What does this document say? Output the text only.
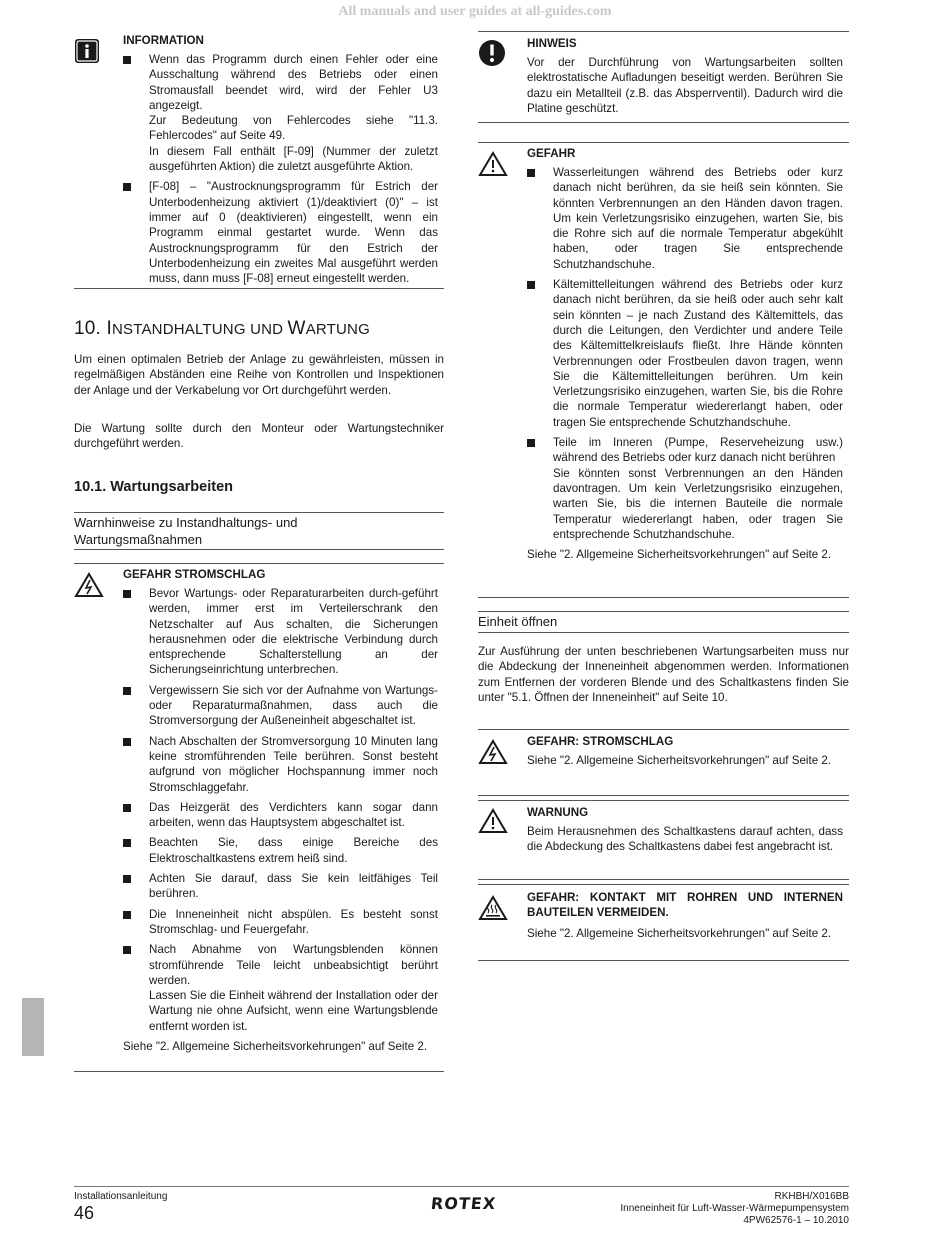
All manuals and user guides at all-guides.com
INFORMATION

Wenn das Programm durch einen Fehler oder eine Ausschaltung während des Betriebs oder einen Stromausfall beendet wird, wird der Fehler U3 angezeigt.

Zur Bedeutung von Fehlercodes siehe "11.3. Fehlercodes" auf Seite 49.

In diesem Fall enthält [F-09] (Nummer der zuletzt ausgeführten Aktion) die zuletzt ausgeführte Aktion.

[F-08] – "Austrocknungsprogramm für Estrich der Unterbodenheizung aktiviert (1)/deaktiviert (0)" – ist immer auf 0 (deaktivieren) eingestellt, wenn ein Programm einmal gestartet wurde. Wenn das Austrocknungsprogramm für den Estrich der Unterbodenheizung ein zweites Mal ausgeführt werden muss, dann muss [F-08] erneut eingestellt werden.

10. INSTANDHALTUNG UND WARTUNG
Um einen optimalen Betrieb der Anlage zu gewährleisten, müssen in regelmäßigen Abständen eine Reihe von Kontrollen und Inspektionen der Anlage und der Verkabelung vor Ort durchgeführt werden.
Die Wartung sollte durch den Monteur oder Wartungstechniker durchgeführt werden.
10.1. Wartungsarbeiten
Warnhinweise zu Instandhaltungs- und Wartungsmaßnahmen
GEFAHR STROMSCHLAG

Bevor Wartungs- oder Reparaturarbeiten durch-geführt werden, immer erst im Verteilerschrank den Netzschalter auf Aus schalten, die Sicherungen herausnehmen oder die elektrische Verbindung durch entsprechende Schalterstellung an der Sicherungseinrichtung unterbrechen.

Vergewissern Sie sich vor der Aufnahme von Wartungs- oder Reparaturmaßnahmen, dass auch die Stromversorgung der Außeneinheit abgeschaltet ist.

Nach Abschalten der Stromversorgung 10 Minuten lang keine stromführenden Teile berühren. Sonst besteht aufgrund von möglicher Hochspannung immer noch Stromschlaggefahr.

Das Heizgerät des Verdichters kann sogar dann arbeiten, wenn das Hauptsystem abgeschaltet ist.

Beachten Sie, dass einige Bereiche des Elektroschaltkastens extrem heiß sind.

Achten Sie darauf, dass Sie kein leitfähiges Teil berühren.

Die Inneneinheit nicht abspülen. Es besteht sonst Stromschlag- und Feuergefahr.

Nach Abnahme von Wartungsblenden können stromführende Teile leicht unbeabsichtigt berührt werden.

Lassen Sie die Einheit während der Installation oder der Wartung nie ohne Aufsicht, wenn eine Wartungsblende entfernt worden ist.

Siehe "2. Allgemeine Sicherheitsvorkehrungen" auf Seite 2.
HINWEIS
Vor der Durchführung von Wartungsarbeiten sollten elektrostatische Aufladungen beseitigt werden. Berühren Sie dazu ein Metallteil (z.B. das Absperrventil). Dadurch wird die Platine geschützt.
GEFAHR

Wasserleitungen während des Betriebs oder kurz danach nicht berühren, da sie heiß sein könnten. Sie könnten Verbrennungen an den Händen davon tragen. Um kein Verletzungsrisiko einzugehen, warten Sie, bis die Rohre sich auf die normale Temperatur abgekühlt haben, oder tragen Sie entsprechende Schutzhandschuhe.

Kältemittelleitungen während des Betriebs oder kurz danach nicht berühren, da sie heiß oder auch sehr kalt sein könnten – je nach Zustand des Kältemittels, das durch die Leitungen, den Verdichter und andere Teile des Kältemittelkreislaufs fließt. Ihre Hände könnten Verbrennungen oder Frostbeulen davon tragen, wenn Sie die Kältemittelleitungen berühren. Um kein Verletzungsrisiko einzugehen, warten Sie, bis die Rohre die normale Temperatur wiedererlangt haben, oder tragen Sie entsprechende Schutzhandschuhe.

Teile im Inneren (Pumpe, Reserveheizung usw.) während des Betriebs oder kurz danach nicht berühren

Sie könnten sonst Verbrennungen an den Händen davontragen. Um kein Verletzungsrisiko einzugehen, warten Sie, bis die internen Bauteile die normale Temperatur wiedererlangt haben, oder tragen Sie entsprechende Schutzhandschuhe.

Siehe "2. Allgemeine Sicherheitsvorkehrungen" auf Seite 2.
Einheit öffnen
Zur Ausführung der unten beschriebenen Wartungsarbeiten muss nur die Abdeckung der Inneneinheit abgenommen werden. Informationen zum Entfernen der vorderen Blende und des Schaltkastens finden Sie unter "5.1. Öffnen der Inneneinheit" auf Seite 10.
GEFAHR: STROMSCHLAG
Siehe "2. Allgemeine Sicherheitsvorkehrungen" auf Seite 2.
WARNUNG
Beim Herausnehmen des Schaltkastens darauf achten, dass die Abdeckung des Schaltkastens dabei fest angebracht ist.
GEFAHR: KONTAKT MIT ROHREN UND INTERNEN BAUTEILEN VERMEIDEN.
Siehe "2. Allgemeine Sicherheitsvorkehrungen" auf Seite 2.
Installationsanleitung
46	ROTEX	RKHBH/X016BB
Inneneinheit für Luft-Wasser-Wärmepumpensystem
4PW62576-1 – 10.2010
